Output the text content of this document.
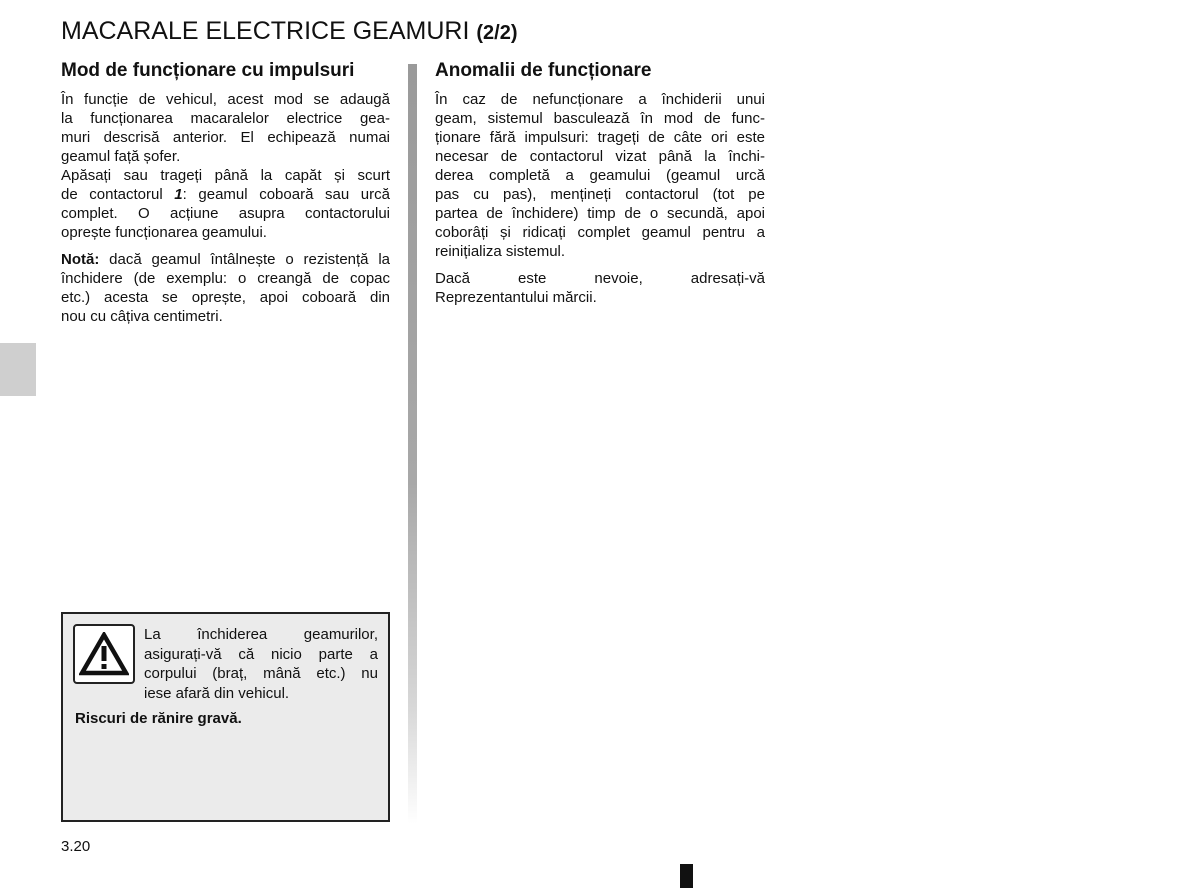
MACARALE ELECTRICE GEAMURI (2/2)
Mod de funcționare cu impulsuri

În funcție de vehicul, acest mod se adaugă
la funcționarea macaralelor electrice gea-
muri descrisă anterior. El echipează numai
geamul față șofer.
Apăsați sau trageți până la capăt și scurt
de contactorul 1: geamul coboară sau urcă
complet. O acțiune asupra contactorului
oprește funcționarea geamului.

Notă: dacă geamul întâlnește o rezistență la
închidere (de exemplu: o creangă de copac
etc.) acesta se oprește, apoi coboară din
nou cu câțiva centimetri.

Anomalii de funcționare

În caz de nefuncționare a închiderii unui
geam, sistemul basculează în mod de func-
ționare fără impulsuri: trageți de câte ori este
necesar de contactorul vizat până la închi-
derea completă a geamului (geamul urcă
pas cu pas), mențineți contactorul (tot pe
partea de închidere) timp de o secundă, apoi
coborâți și ridicați complet geamul pentru a
reinițializa sistemul.

Dacă este nevoie, adresați-vă
Reprezentantului mărcii.

La închiderea geamurilor,
asigurați-vă că nicio parte a
corpului (braț, mână etc.) nu
iese afară din vehicul.
Riscuri de rănire gravă.
3.20
